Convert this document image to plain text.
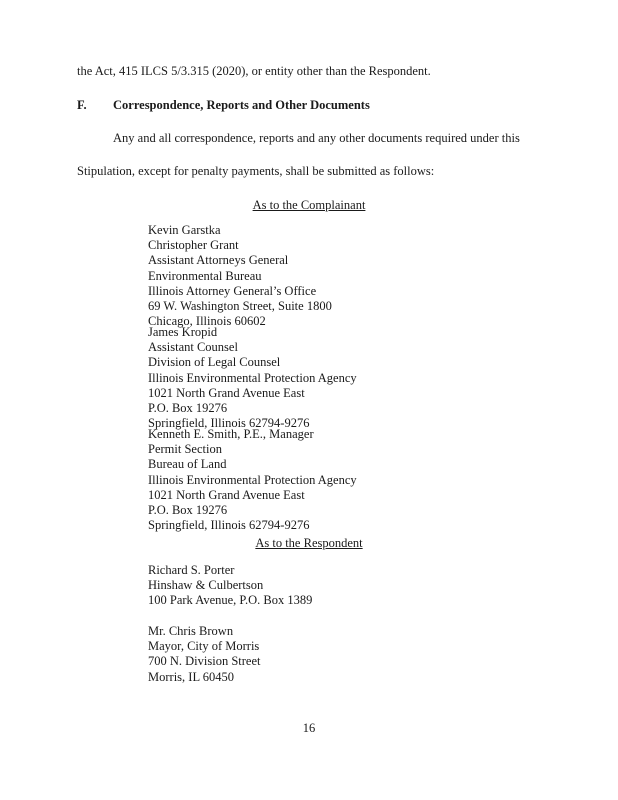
the Act, 415 ILCS 5/3.315 (2020), or entity other than the Respondent.
F. Correspondence, Reports and Other Documents
Any and all correspondence, reports and any other documents required under this
Stipulation, except for penalty payments, shall be submitted as follows:
As to the Complainant
Kevin Garstka
Christopher Grant
Assistant Attorneys General
Environmental Bureau
Illinois Attorney General’s Office
69 W. Washington Street, Suite 1800
Chicago, Illinois 60602
James Kropid
Assistant Counsel
Division of Legal Counsel
Illinois Environmental Protection Agency
1021 North Grand Avenue East
P.O. Box 19276
Springfield, Illinois 62794-9276
Kenneth E. Smith, P.E., Manager
Permit Section
Bureau of Land
Illinois Environmental Protection Agency
1021 North Grand Avenue East
P.O. Box 19276
Springfield, Illinois 62794-9276
As to the Respondent
Richard S. Porter
Hinshaw & Culbertson
100 Park Avenue, P.O. Box 1389
Mr. Chris Brown
Mayor, City of Morris
700 N. Division Street
Morris, IL 60450
16
